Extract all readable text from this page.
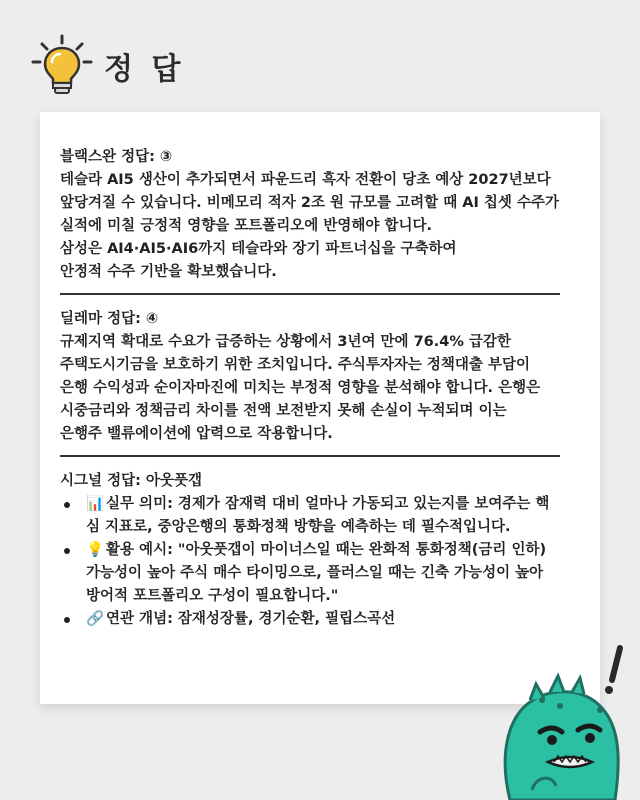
정 답
블랙스완 정답: ③
테슬라 AI5 생산이 추가되면서 파운드리 흑자 전환이 당초 예상 2027년보다
앞당겨질 수 있습니다. 비메모리 적자 2조 원 규모를 고려할 때 AI 칩셋 수주가
실적에 미칠 긍정적 영향을 포트폴리오에 반영해야 합니다.
삼성은 AI4·AI5·AI6까지 테슬라와 장기 파트너십을 구축하여
안정적 수주 기반을 확보했습니다.
딜레마 정답: ④
규제지역 확대로 수요가 급증하는 상황에서 3년여 만에 76.4% 급감한
주택도시기금을 보호하기 위한 조치입니다. 주식투자자는 정책대출 부담이
은행 수익성과 순이자마진에 미치는 부정적 영향을 분석해야 합니다. 은행은
시중금리와 정책금리 차이를 전액 보전받지 못해 손실이 누적되며 이는
은행주 밸류에이션에 압력으로 작용합니다.
시그널 정답: 아웃풋갭
📊 실무 의미: 경제가 잠재력 대비 얼마나 가동되고 있는지를 보여주는 핵
심 지표로, 중앙은행의 통화정책 방향을 예측하는 데 필수적입니다.
💡 활용 예시: "아웃풋갭이 마이너스일 때는 완화적 통화정책(금리 인하)
가능성이 높아 주식 매수 타이밍으로, 플러스일 때는 긴축 가능성이 높아
방어적 포트폴리오 구성이 필요합니다."
🔗 연관 개념: 잠재성장률, 경기순환, 필립스곡선
